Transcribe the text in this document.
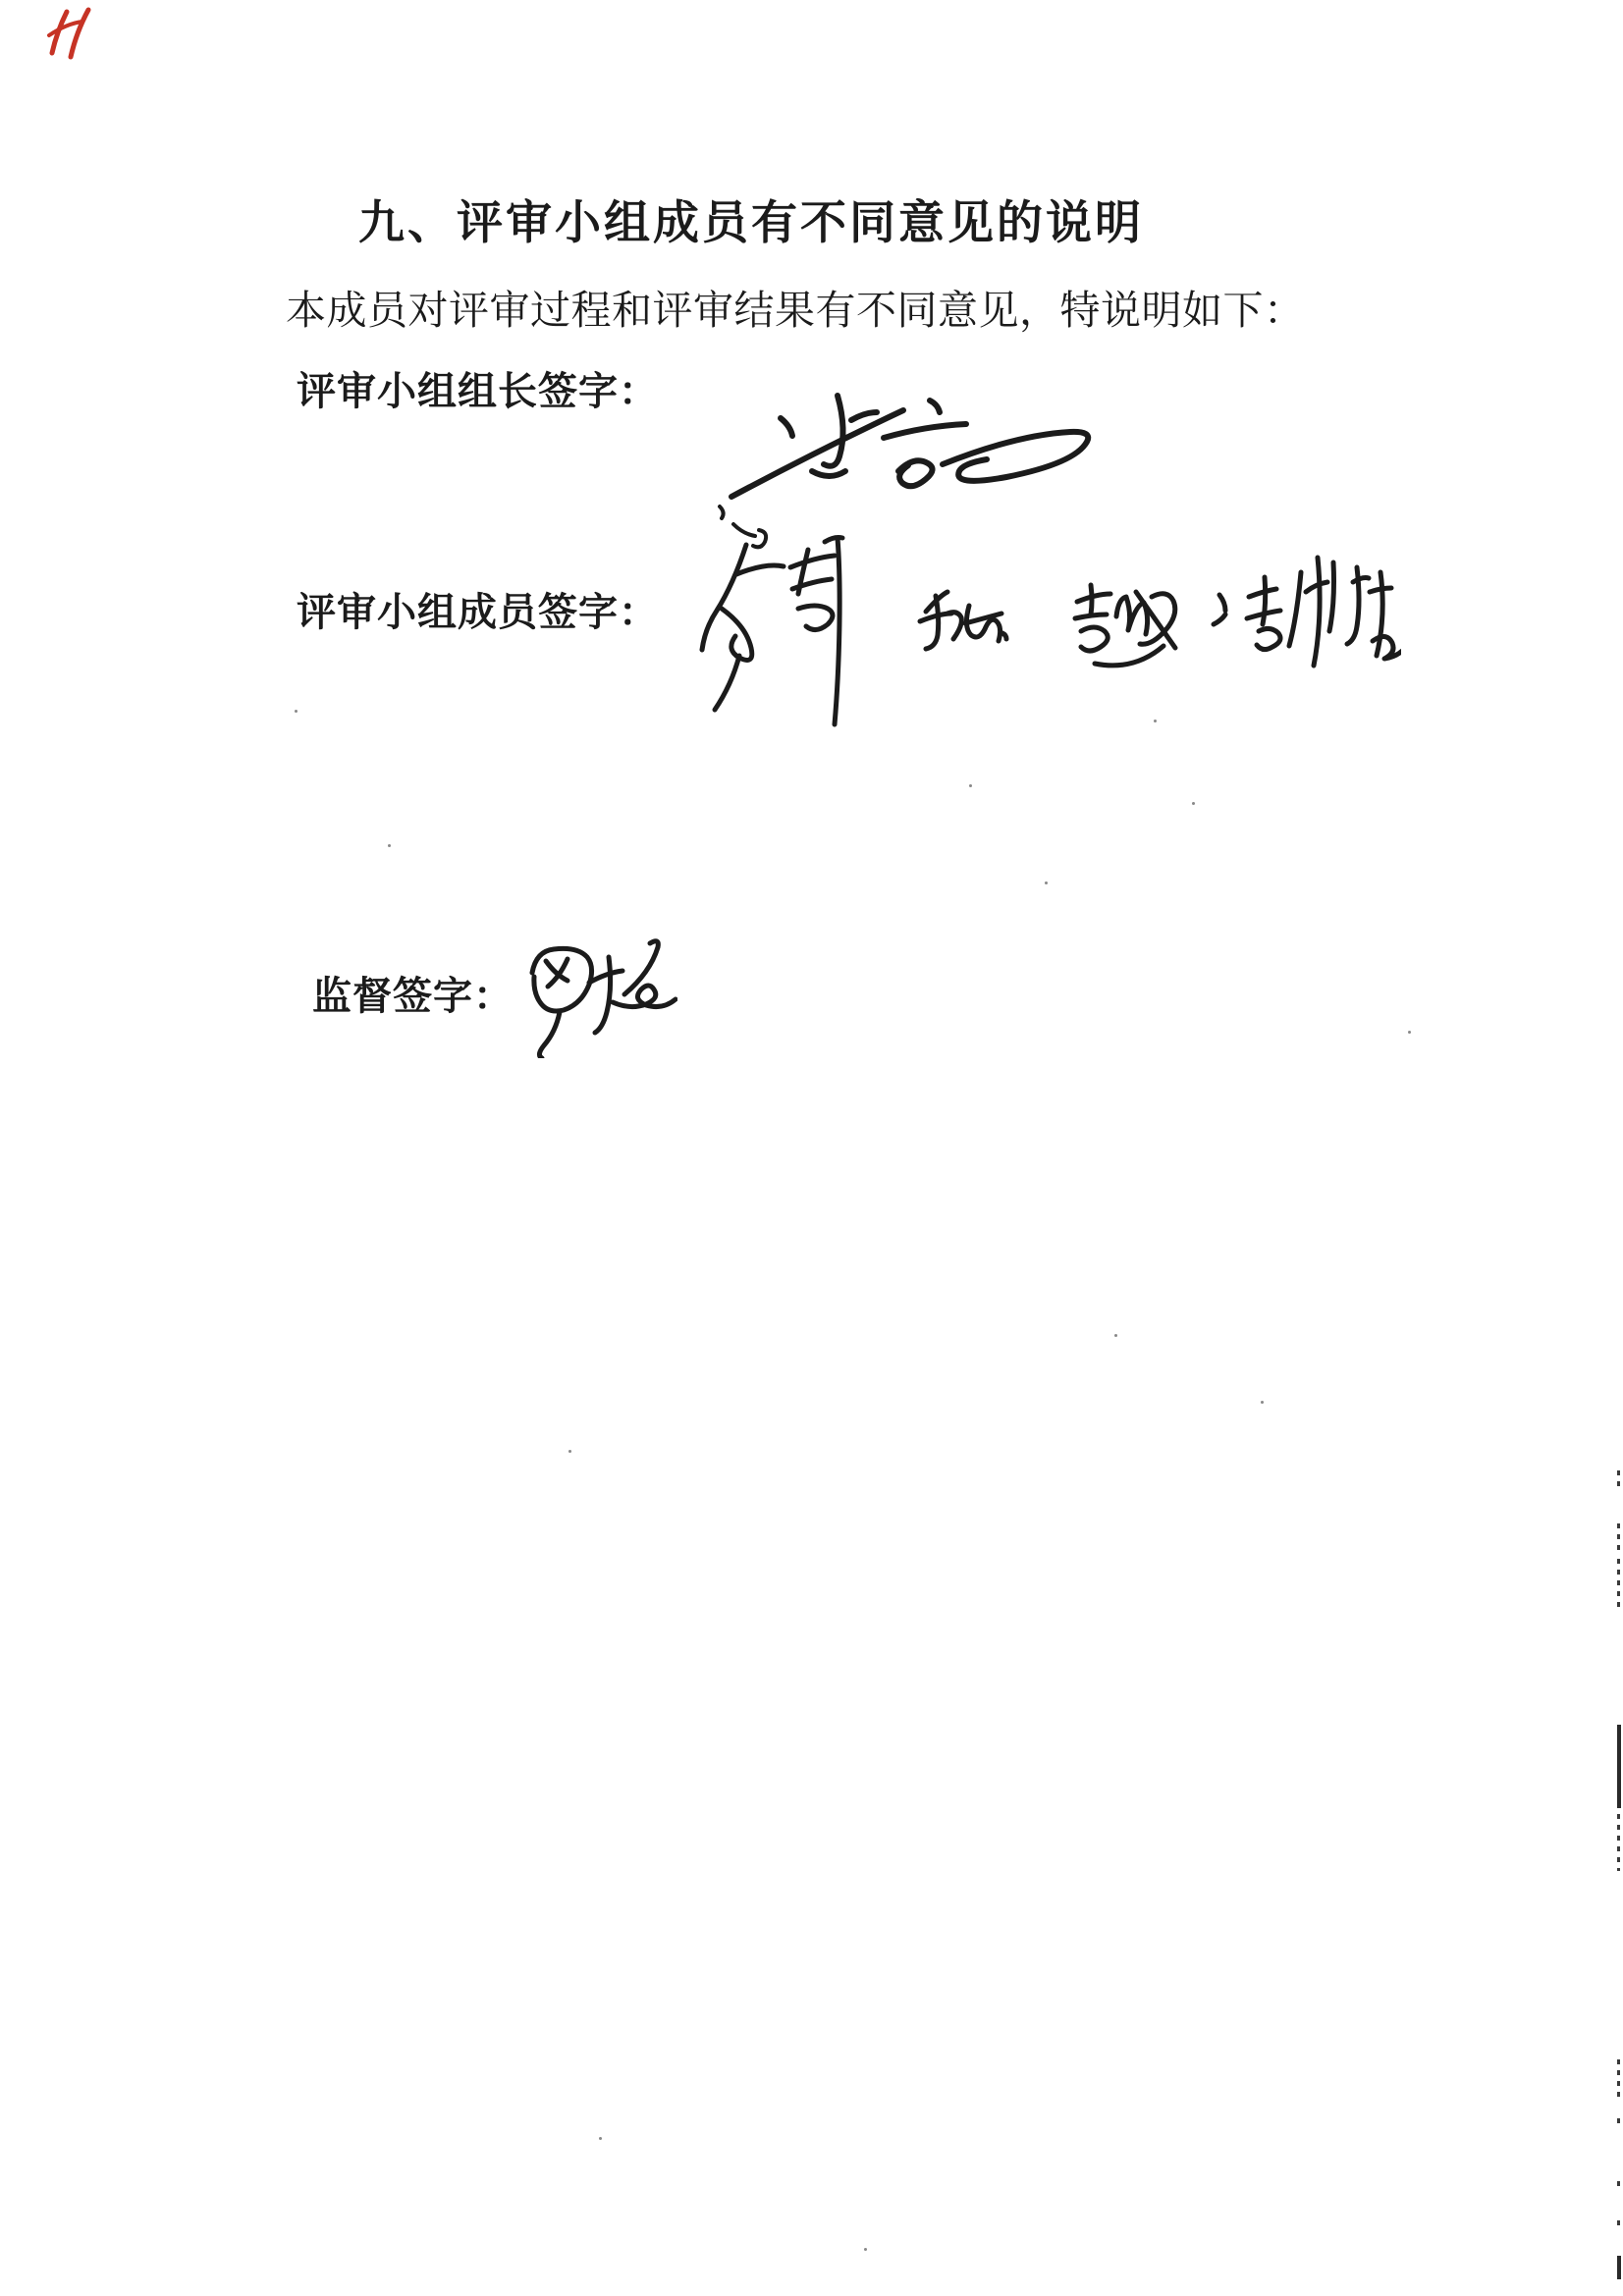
九、评审小组成员有不同意见的说明
本成员对评审过程和评审结果有不同意见，特说明如下：
评审小组组长签字：
评审小组成员签字：
监督签字：
